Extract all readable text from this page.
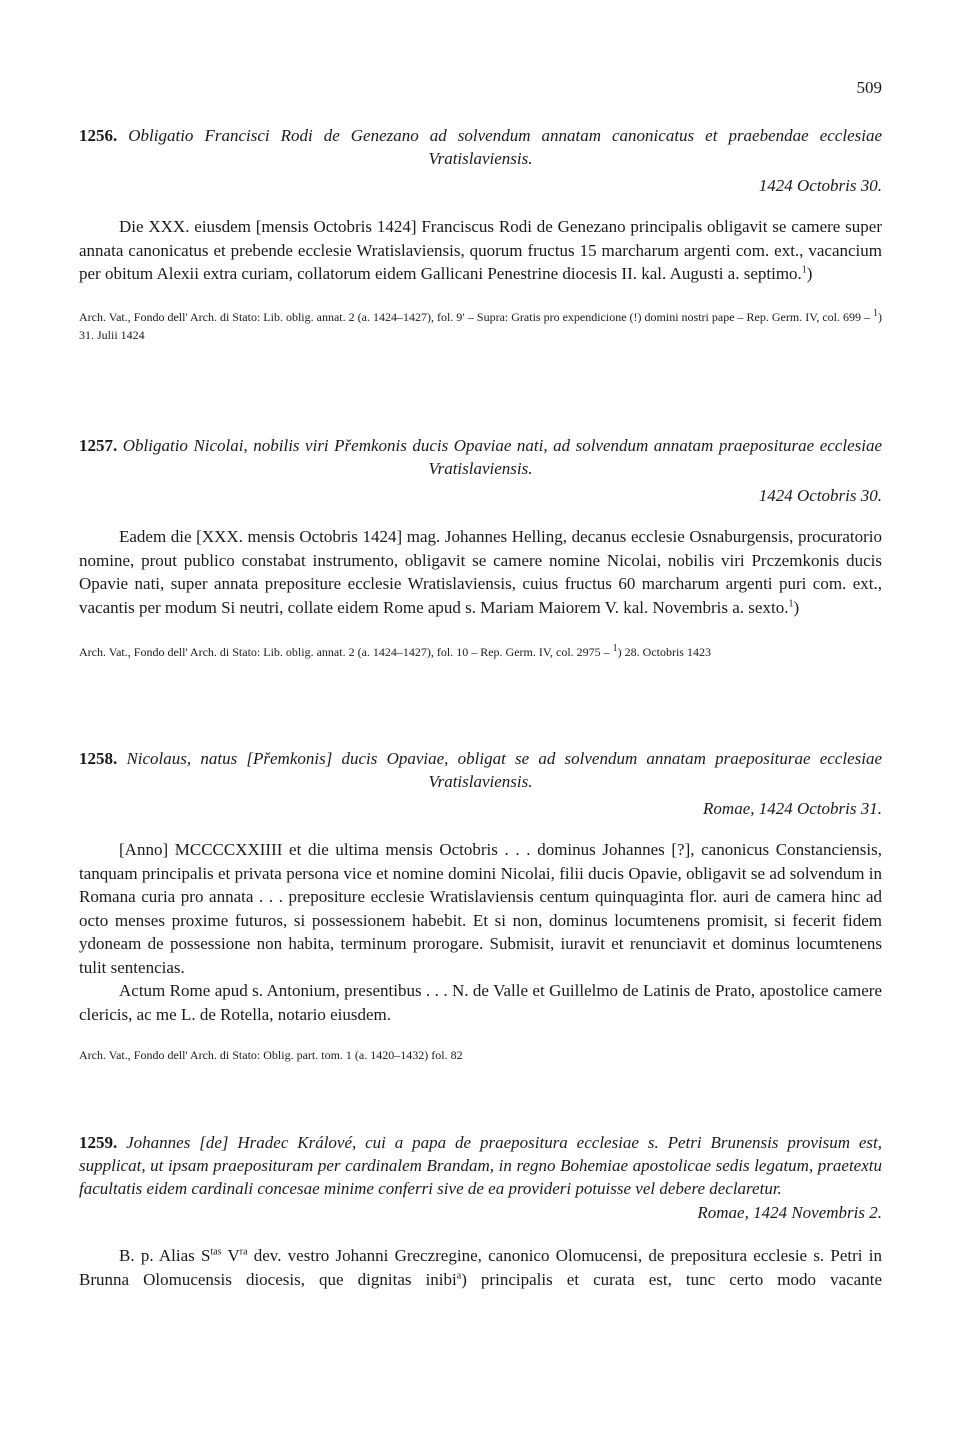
509
1256. Obligatio Francisci Rodi de Genezano ad solvendum annatam canonicatus et praebendae ecclesiae Vratislaviensis.
1424 Octobris 30.

Die XXX. eiusdem [mensis Octobris 1424] Franciscus Rodi de Genezano principalis obligavit se camere super annata canonicatus et prebende ecclesie Wratislaviensis, quorum fructus 15 marcharum argenti com. ext., vacancium per obitum Alexii extra curiam, collatorum eidem Gallicani Penestrine diocesis II. kal. Augusti a. septimo.$^1$)

Arch. Vat., Fondo dell' Arch. di Stato: Lib. oblig. annat. 2 (a. 1424–1427), fol. 9′ – Supra: Gratis pro expendicione (!) domini nostri pape – Rep. Germ. IV, col. 699 – $^1$) 31. Julii 1424

1257. Obligatio Nicolai, nobilis viri Přemkonis ducis Opaviae nati, ad solvendum annatam praepositurae ecclesiae Vratislaviensis.
1424 Octobris 30.

Eadem die [XXX. mensis Octobris 1424] mag. Johannes Helling, decanus ecclesie Osnaburgensis, procuratorio nomine, prout publico constabat instrumento, obligavit se camere nomine Nicolai, nobilis viri Prczemkonis ducis Opavie nati, super annata prepositure ecclesie Wratislaviensis, cuius fructus 60 marcharum argenti puri com. ext., vacantis per modum Si neutri, collate eidem Rome apud s. Mariam Maiorem V. kal. Novembris a. sexto.$^1$)

Arch. Vat., Fondo dell' Arch. di Stato: Lib. oblig. annat. 2 (a. 1424–1427), fol. 10 – Rep. Germ. IV, col. 2975 – $^1$) 28. Octobris 1423

1258. Nicolaus, natus [Přemkonis] ducis Opaviae, obligat se ad solvendum annatam praepositurae ecclesiae Vratislaviensis.
Romae, 1424 Octobris 31.

[Anno] MCCCCXXIIII et die ultima mensis Octobris . . . dominus Johannes [?], canonicus Constanciensis, tanquam principalis et privata persona vice et nomine domini Nicolai, filii ducis Opavie, obligavit se ad solvendum in Romana curia pro annata . . . prepositure ecclesie Wratislaviensis centum quinquaginta flor. auri de camera hinc ad octo menses proxime futuros, si possessionem habebit. Et si non, dominus locumtenens promisit, si fecerit fidem ydoneam de possessione non habita, terminum prorogare. Submisit, iuravit et renunciavit et dominus locumtenens tulit sentencias.

Actum Rome apud s. Antonium, presentibus . . . N. de Valle et Guillelmo de Latinis de Prato, apostolice camere clericis, ac me L. de Rotella, notario eiusdem.

Arch. Vat., Fondo dell' Arch. di Stato: Oblig. part. tom. 1 (a. 1420–1432) fol. 82

1259. Johannes [de] Hradec Králové, cui a papa de praepositura ecclesiae s. Petri Brunensis provisum est, supplicat, ut ipsam praeposituram per cardinalem Brandam, in regno Bohemiae apostolicae sedis legatum, praetextu facultatis eidem cardinali concesae minime conferri sive de ea provideri potuisse vel debere declaretur.
Romae, 1424 Novembris 2.

B. p. Alias $S^{tas}$ $V^{ra}$ dev. vestro Johanni Greczregine, canonico Olomucensi, de prepositura ecclesie s. Petri in Brunna Olomucensis diocesis, que dignitas inibi$^a$) principalis et curata est, tunc certo modo vacante
